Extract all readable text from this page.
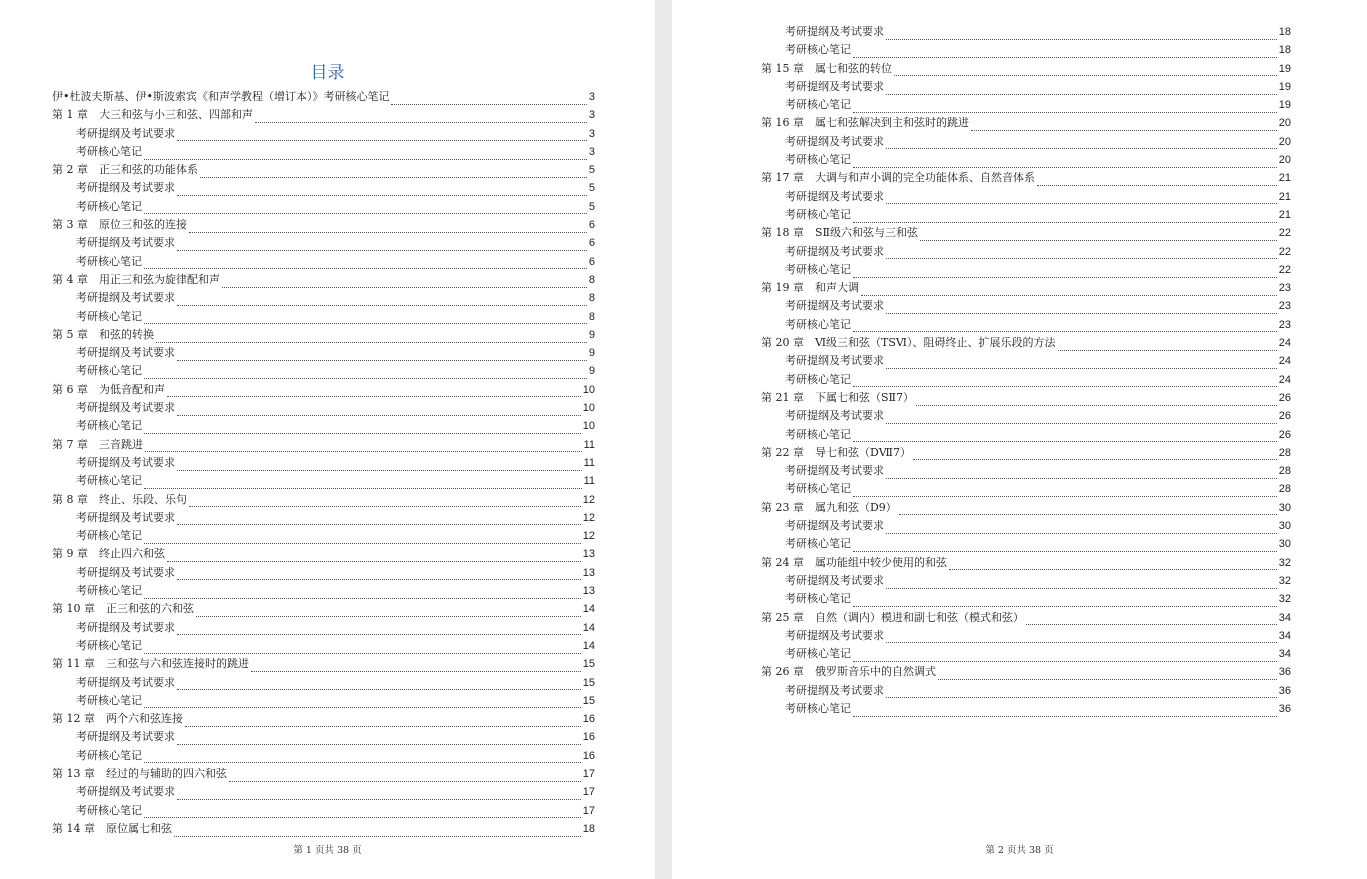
目录
伊•杜波夫斯基、伊•斯波索宾《和声学教程（增订本）》考研核心笔记	3
第 1 章　大三和弦与小三和弦、四部和声	3
考研提纲及考试要求	3
考研核心笔记	3
第 2 章　正三和弦的功能体系	5
考研提纲及考试要求	5
考研核心笔记	5
第 3 章　原位三和弦的连接	6
考研提纲及考试要求	6
考研核心笔记	6
第 4 章　用正三和弦为旋律配和声	8
考研提纲及考试要求	8
考研核心笔记	8
第 5 章　和弦的转换	9
考研提纲及考试要求	9
考研核心笔记	9
第 6 章　为低音配和声	10
考研提纲及考试要求	10
考研核心笔记	10
第 7 章　三音跳进	11
考研提纲及考试要求	11
考研核心笔记	11
第 8 章　终止、乐段、乐句	12
考研提纲及考试要求	12
考研核心笔记	12
第 9 章　终止四六和弦	13
考研提纲及考试要求	13
考研核心笔记	13
第 10 章　正三和弦的六和弦	14
考研提纲及考试要求	14
考研核心笔记	14
第 11 章　三和弦与六和弦连接时的跳进	15
考研提纲及考试要求	15
考研核心笔记	15
第 12 章　两个六和弦连接	16
考研提纲及考试要求	16
考研核心笔记	16
第 13 章　经过的与辅助的四六和弦	17
考研提纲及考试要求	17
考研核心笔记	17
第 14 章　原位属七和弦	18
第 1 页共 38 页
考研提纲及考试要求	18
考研核心笔记	18
第 15 章　属七和弦的转位	19
考研提纲及考试要求	19
考研核心笔记	19
第 16 章　属七和弦解决到主和弦时的跳进	20
考研提纲及考试要求	20
考研核心笔记	20
第 17 章　大调与和声小调的完全功能体系、自然音体系	21
考研提纲及考试要求	21
考研核心笔记	21
第 18 章　SⅡ级六和弦与三和弦	22
考研提纲及考试要求	22
考研核心笔记	22
第 19 章　和声大调	23
考研提纲及考试要求	23
考研核心笔记	23
第 20 章　Ⅵ级三和弦（TSⅥ）、阻碍终止、扩展乐段的方法	24
考研提纲及考试要求	24
考研核心笔记	24
第 21 章　下属七和弦（SⅡ7）	26
考研提纲及考试要求	26
考研核心笔记	26
第 22 章　导七和弦（DⅦ7）	28
考研提纲及考试要求	28
考研核心笔记	28
第 23 章　属九和弦（D9）	30
考研提纲及考试要求	30
考研核心笔记	30
第 24 章　属功能组中较少使用的和弦	32
考研提纲及考试要求	32
考研核心笔记	32
第 25 章　自然（调内）模进和副七和弦（模式和弦）	34
考研提纲及考试要求	34
考研核心笔记	34
第 26 章　俄罗斯音乐中的自然调式	36
考研提纲及考试要求	36
考研核心笔记	36
第 2 页共 38 页
